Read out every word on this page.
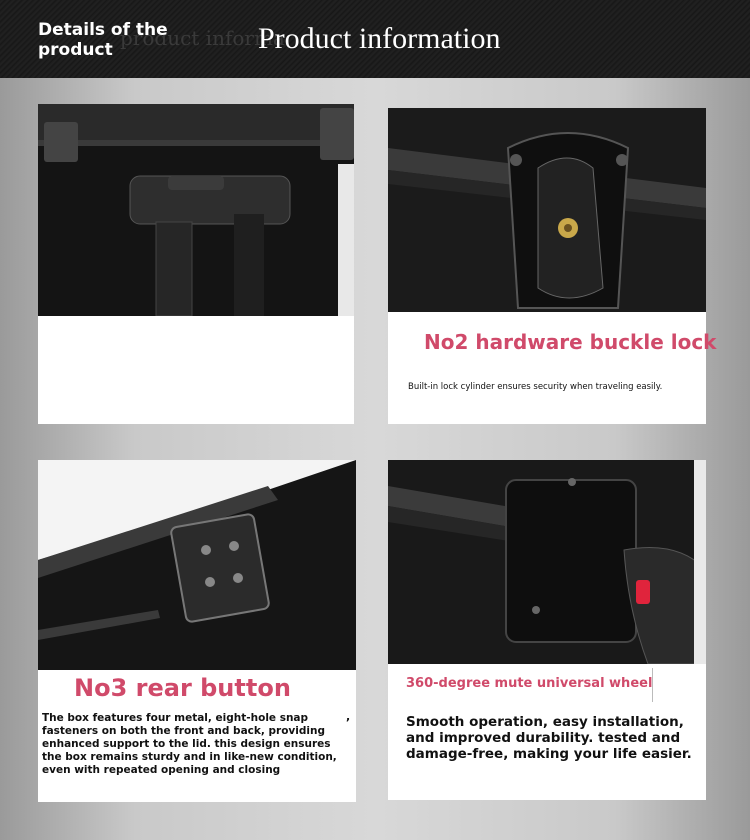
product informa
Details of the
product	Product information
No2 hardware buckle lock
Built-in lock cylinder ensures security when traveling easily.
No3 rear button
The box features four metal, eight-hole snap fasteners on both the front and back, providing enhanced support to the lid. this design ensures the box remains sturdy and in like-new condition, even with repeated opening and closing
,
360-degree mute universal wheel
Smooth operation, easy installation, and improved durability. tested and damage-free, making your life easier.
